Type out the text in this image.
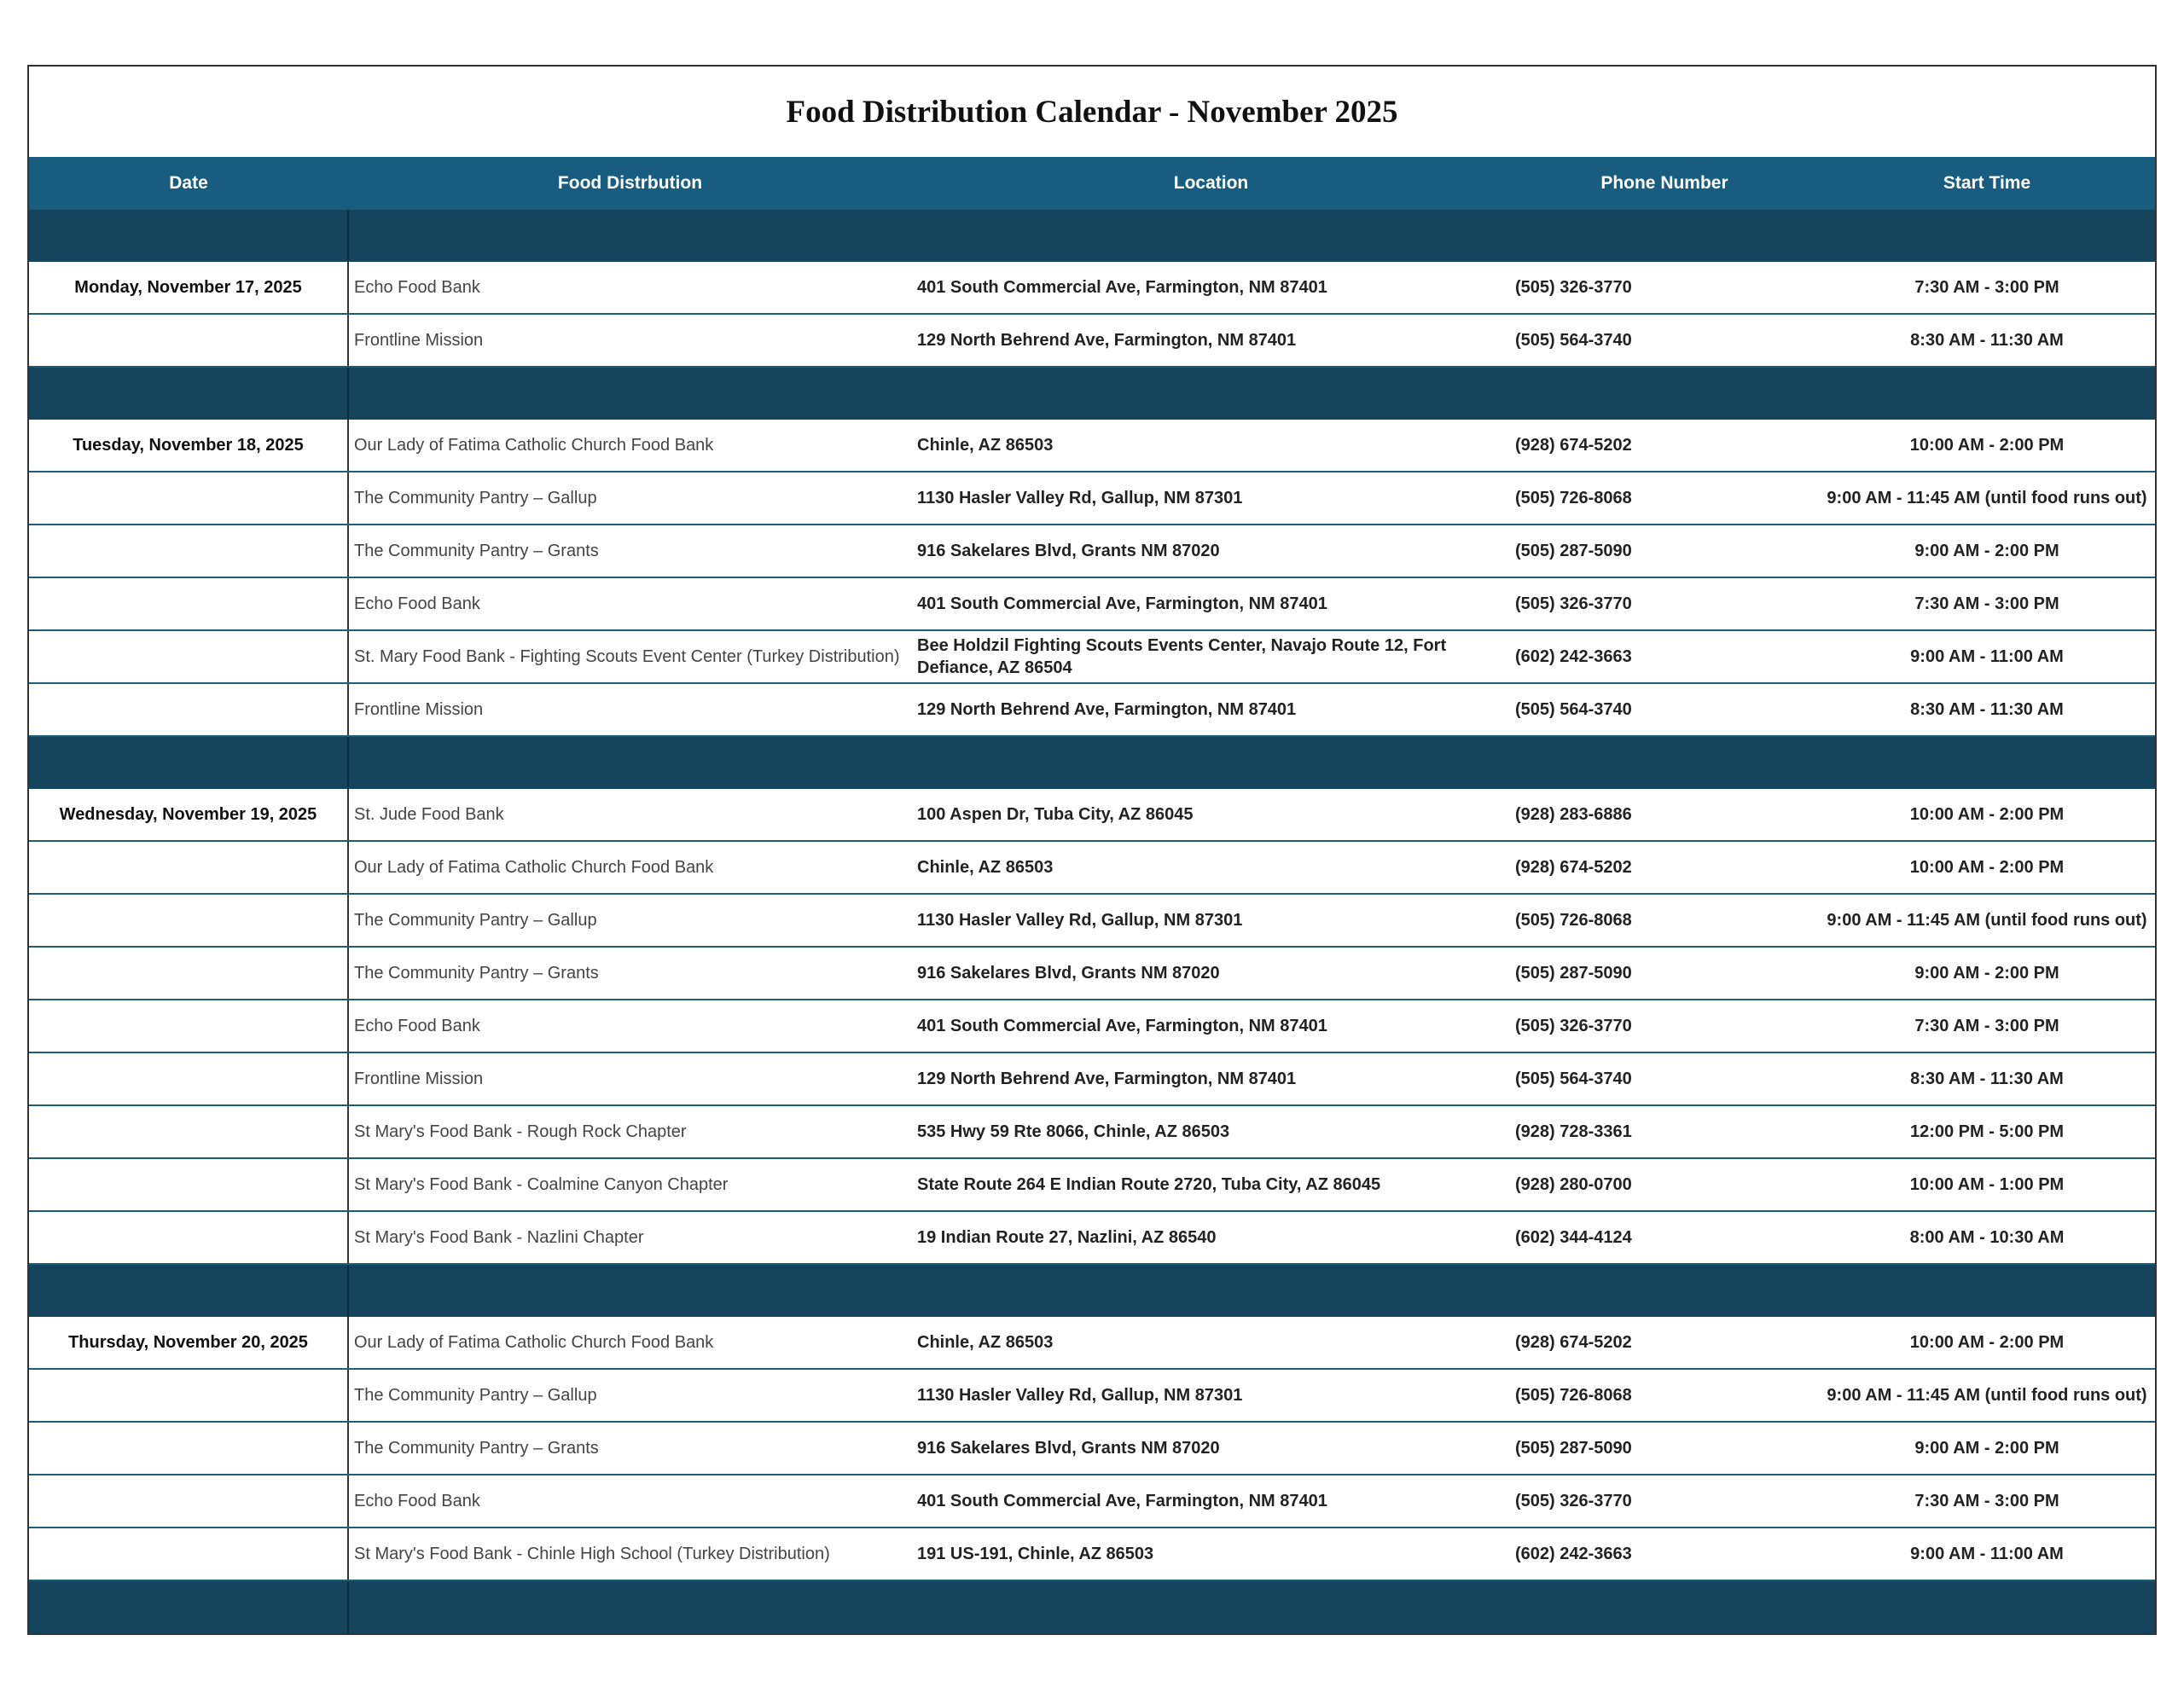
Food Distribution Calendar - November 2025
Date	Food Distrbution	Location	Phone Number	Start Time

Monday, November 17, 2025	Echo Food Bank	401 South Commercial Ave, Farmington, NM 87401	(505) 326-3770	7:30 AM - 3:00 PM
	Frontline Mission	129 North Behrend Ave, Farmington, NM 87401	(505) 564-3740	8:30 AM - 11:30 AM

Tuesday, November 18, 2025	Our Lady of Fatima Catholic Church Food Bank	Chinle, AZ 86503	(928) 674-5202	10:00 AM - 2:00 PM
	The Community Pantry – Gallup	1130 Hasler Valley Rd, Gallup, NM 87301	(505) 726-8068	9:00 AM - 11:45 AM (until food runs out)
	The Community Pantry – Grants	916 Sakelares Blvd, Grants NM 87020	(505) 287-5090	9:00 AM - 2:00 PM
	Echo Food Bank	401 South Commercial Ave, Farmington, NM 87401	(505) 326-3770	7:30 AM - 3:00 PM
	St. Mary Food Bank - Fighting Scouts Event Center (Turkey Distribution)	Bee Holdzil Fighting Scouts Events Center, Navajo Route 12, Fort Defiance, AZ 86504	(602) 242-3663	9:00 AM - 11:00 AM
	Frontline Mission	129 North Behrend Ave, Farmington, NM 87401	(505) 564-3740	8:30 AM - 11:30 AM

Wednesday, November 19, 2025	St. Jude Food Bank	100 Aspen Dr, Tuba City, AZ 86045	(928) 283-6886	10:00 AM - 2:00 PM
	Our Lady of Fatima Catholic Church Food Bank	Chinle, AZ 86503	(928) 674-5202	10:00 AM - 2:00 PM
	The Community Pantry – Gallup	1130 Hasler Valley Rd, Gallup, NM 87301	(505) 726-8068	9:00 AM - 11:45 AM (until food runs out)
	The Community Pantry – Grants	916 Sakelares Blvd, Grants NM 87020	(505) 287-5090	9:00 AM - 2:00 PM
	Echo Food Bank	401 South Commercial Ave, Farmington, NM 87401	(505) 326-3770	7:30 AM - 3:00 PM
	Frontline Mission	129 North Behrend Ave, Farmington, NM 87401	(505) 564-3740	8:30 AM - 11:30 AM
	St Mary's Food Bank - Rough Rock Chapter	535 Hwy 59 Rte 8066, Chinle, AZ 86503	(928) 728-3361	12:00 PM - 5:00 PM
	St Mary's Food Bank - Coalmine Canyon Chapter	State Route 264 E Indian Route 2720, Tuba City, AZ 86045	(928) 280-0700	10:00 AM - 1:00 PM
	St Mary's Food Bank - Nazlini Chapter	19 Indian Route 27, Nazlini, AZ 86540	(602) 344-4124	8:00 AM - 10:30 AM

Thursday, November 20, 2025	Our Lady of Fatima Catholic Church Food Bank	Chinle, AZ 86503	(928) 674-5202	10:00 AM - 2:00 PM
	The Community Pantry – Gallup	1130 Hasler Valley Rd, Gallup, NM 87301	(505) 726-8068	9:00 AM - 11:45 AM (until food runs out)
	The Community Pantry – Grants	916 Sakelares Blvd, Grants NM 87020	(505) 287-5090	9:00 AM - 2:00 PM
	Echo Food Bank	401 South Commercial Ave, Farmington, NM 87401	(505) 326-3770	7:30 AM - 3:00 PM
	St Mary's Food Bank - Chinle High School (Turkey Distribution)	191 US-191, Chinle, AZ 86503	(602) 242-3663	9:00 AM - 11:00 AM
